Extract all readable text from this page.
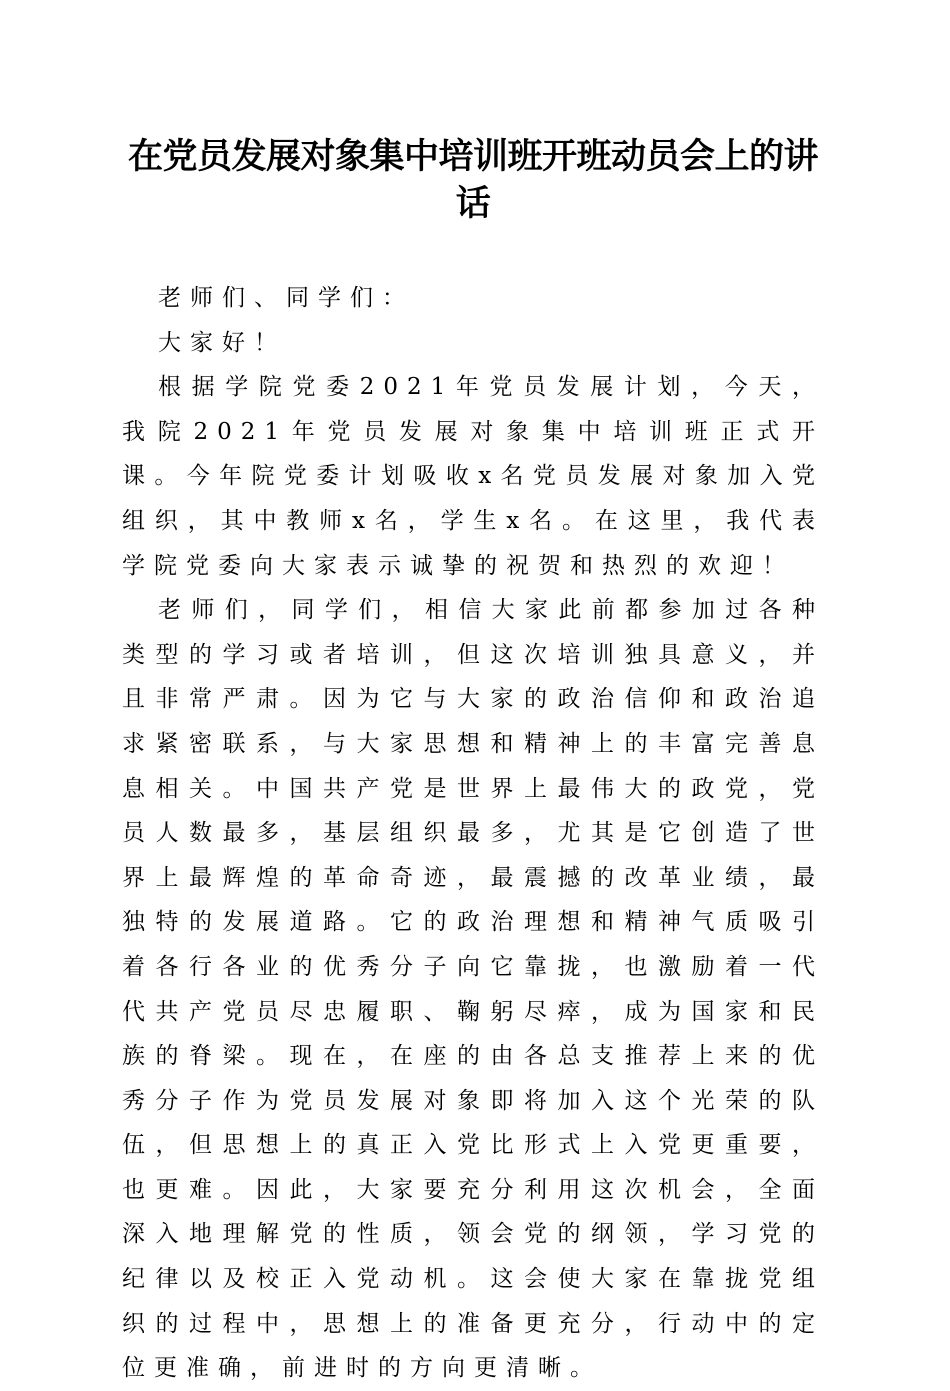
在党员发展对象集中培训班开班动员会上的讲话

老师们、同学们：

大家好！

根据学院党委2021年党员发展计划，今天，我院2021年党员发展对象集中培训班正式开课。今年院党委计划吸收x名党员发展对象加入党组织，其中教师x名，学生x名。在这里，我代表学院党委向大家表示诚挚的祝贺和热烈的欢迎！

老师们，同学们，相信大家此前都参加过各种类型的学习或者培训，但这次培训独具意义，并且非常严肃。因为它与大家的政治信仰和政治追求紧密联系，与大家思想和精神上的丰富完善息息相关。中国共产党是世界上最伟大的政党，党员人数最多，基层组织最多，尤其是它创造了世界上最辉煌的革命奇迹，最震撼的改革业绩，最独特的发展道路。它的政治理想和精神气质吸引着各行各业的优秀分子向它靠拢，也激励着一代代共产党员尽忠履职、鞠躬尽瘁，成为国家和民族的脊梁。现在，在座的由各总支推荐上来的优秀分子作为党员发展对象即将加入这个光荣的队伍，但思想上的真正入党比形式上入党更重要，也更难。因此，大家要充分利用这次机会，全面深入地理解党的性质，领会党的纲领，学习党的纪律以及校正入党动机。这会使大家在靠拢党组织的过程中，思想上的准备更充分，行动中的定位更准确，前进时的方向更清晰。
